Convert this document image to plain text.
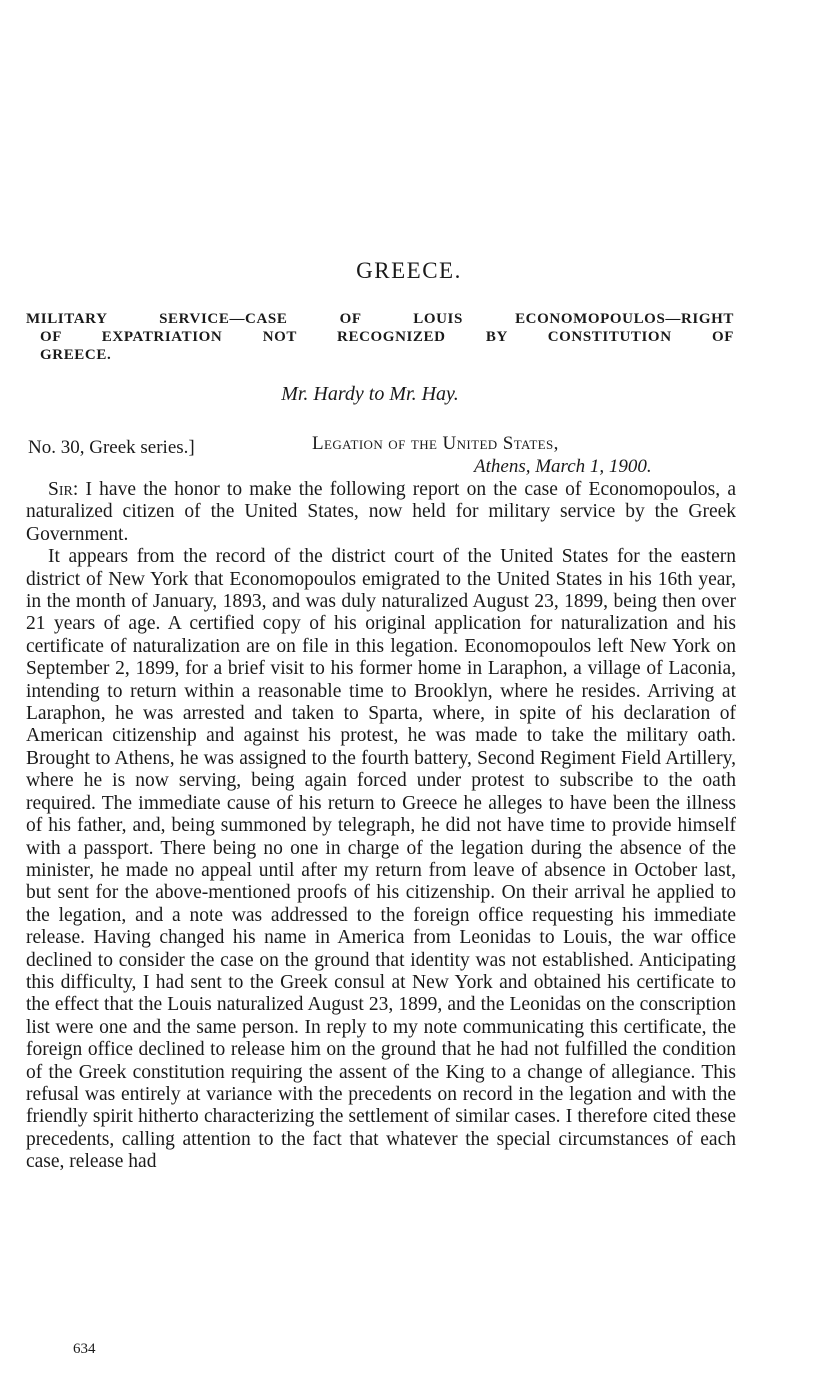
GREECE.
MILITARY SERVICE—CASE OF LOUIS ECONOMOPOULOS—RIGHT
OF EXPATRIATION NOT RECOGNIZED BY CONSTITUTION OF
GREECE.
Mr. Hardy to Mr. Hay.
No. 30, Greek series.]	Legation of the United States,
Athens, March 1, 1900.

Sir: I have the honor to make the following report on the case of Economopoulos, a naturalized citizen of the United States, now held for military service by the Greek Government.

It appears from the record of the district court of the United States for the eastern district of New York that Economopoulos emigrated to the United States in his 16th year, in the month of January, 1893, and was duly naturalized August 23, 1899, being then over 21 years of age. A certified copy of his original application for naturalization and his certificate of naturalization are on file in this legation. Economopoulos left New York on September 2, 1899, for a brief visit to his former home in Laraphon, a village of Laconia, intending to return within a reasonable time to Brooklyn, where he resides. Arriving at Laraphon, he was arrested and taken to Sparta, where, in spite of his declaration of American citizenship and against his protest, he was made to take the military oath. Brought to Athens, he was assigned to the fourth battery, Second Regiment Field Artillery, where he is now serving, being again forced under protest to subscribe to the oath required. The immediate cause of his return to Greece he alleges to have been the illness of his father, and, being summoned by telegraph, he did not have time to provide himself with a passport. There being no one in charge of the legation during the absence of the minister, he made no appeal until after my return from leave of absence in October last, but sent for the above-mentioned proofs of his citizenship. On their arrival he applied to the legation, and a note was addressed to the foreign office requesting his immediate release. Having changed his name in America from Leonidas to Louis, the war office declined to consider the case on the ground that identity was not established. Anticipating this difficulty, I had sent to the Greek consul at New York and obtained his certificate to the effect that the Louis naturalized August 23, 1899, and the Leonidas on the conscription list were one and the same person. In reply to my note communicating this certificate, the foreign office declined to release him on the ground that he had not fulfilled the condition of the Greek constitution requiring the assent of the King to a change of allegiance. This refusal was entirely at variance with the precedents on record in the legation and with the friendly spirit hitherto characterizing the settlement of similar cases. I therefore cited these precedents, calling attention to the fact that whatever the special circumstances of each case, release had

634
